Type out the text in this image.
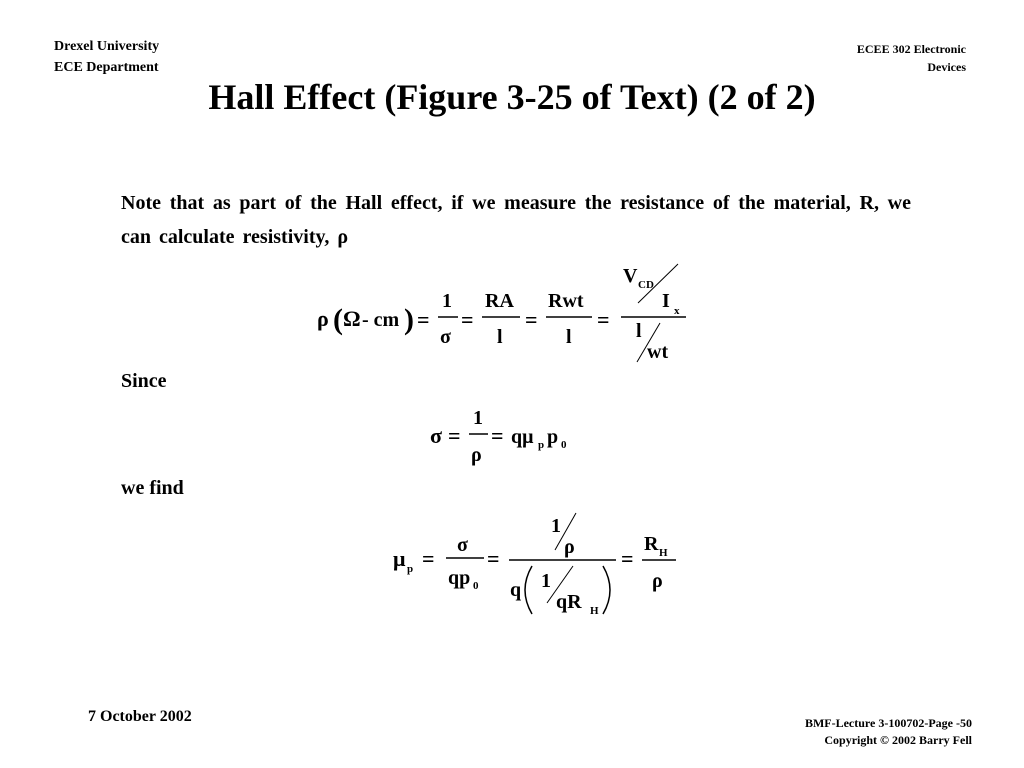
Drexel University
ECE Department
ECEE 302 Electronic
Devices
Hall Effect (Figure 3-25 of Text) (2 of 2)
Note that as part of the Hall effect, if we measure the resistance of the material, R, we can calculate resistivity, ρ
ρ ( Ω - cm ) =
1
σ
=
RA
l
=
Rwt
l
=
V CD
I x
l
wt
Since
σ =
1
ρ
= qμ p p 0
we find
μ p =
σ
qp 0
=
1
ρ
q 1
qR H
=
R H
ρ
7 October 2002	BMF-Lecture 3-100702-Page -50
Copyright © 2002 Barry Fell
